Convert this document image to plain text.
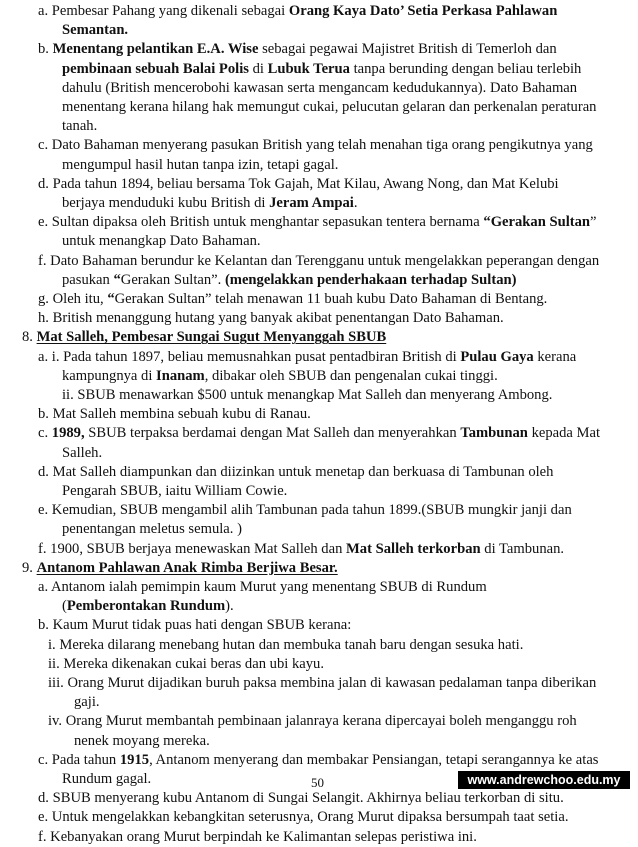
a. Pembesar Pahang yang dikenali sebagai Orang Kaya Dato’ Setia Perkasa Pahlawan
Semantan.
b. Menentang pelantikan E.A. Wise sebagai pegawai Majistret British di Temerloh dan
pembinaan sebuah Balai Polis di Lubuk Terua tanpa berunding dengan beliau terlebih
dahulu (British mencerobohi kawasan serta mengancam kedudukannya). Dato Bahaman
menentang kerana hilang hak memungut cukai, pelucutan gelaran dan perkenalan peraturan
tanah.
c. Dato Bahaman menyerang pasukan British yang telah menahan tiga orang pengikutnya yang
mengumpul hasil hutan tanpa izin, tetapi gagal.
d. Pada tahun 1894, beliau bersama Tok Gajah, Mat Kilau, Awang Nong, dan Mat Kelubi
berjaya menduduki kubu British di Jeram Ampai.
e. Sultan dipaksa oleh British untuk menghantar sepasukan tentera bernama “Gerakan Sultan”
untuk menangkap Dato Bahaman.
f. Dato Bahaman berundur ke Kelantan dan Terengganu untuk mengelakkan peperangan dengan
pasukan “Gerakan Sultan”. (mengelakkan penderhakaan terhadap Sultan)
g. Oleh itu, “Gerakan Sultan” telah menawan 11 buah kubu Dato Bahaman di Bentang.
h. British menanggung hutang yang banyak akibat penentangan Dato Bahaman.
8. Mat Salleh, Pembesar Sungai Sugut Menyanggah SBUB
a. i. Pada tahun 1897, beliau memusnahkan pusat pentadbiran British di Pulau Gaya kerana
kampungnya di Inanam, dibakar oleh SBUB dan pengenalan cukai tinggi.
ii. SBUB menawarkan $500 untuk menangkap Mat Salleh dan menyerang Ambong.
b. Mat Salleh membina sebuah kubu di Ranau.
c. 1989, SBUB terpaksa berdamai dengan Mat Salleh dan menyerahkan Tambunan kepada Mat
Salleh.
d. Mat Salleh diampunkan dan diizinkan untuk menetap dan berkuasa di Tambunan oleh
Pengarah SBUB, iaitu William Cowie.
e. Kemudian, SBUB mengambil alih Tambunan pada tahun 1899.(SBUB mungkir janji dan
penentangan meletus semula. )
f. 1900, SBUB berjaya menewaskan Mat Salleh dan Mat Salleh terkorban di Tambunan.
9. Antanom Pahlawan Anak Rimba Berjiwa Besar.
a. Antanom ialah pemimpin kaum Murut yang menentang SBUB di Rundum
(Pemberontakan Rundum).
b. Kaum Murut tidak puas hati dengan SBUB kerana:
i. Mereka dilarang menebang hutan dan membuka tanah baru dengan sesuka hati.
ii. Mereka dikenakan cukai beras dan ubi kayu.
iii. Orang Murut dijadikan buruh paksa membina jalan di kawasan pedalaman tanpa diberikan
gaji.
iv. Orang Murut membantah pembinaan jalanraya kerana dipercayai boleh menganggu roh
nenek moyang mereka.
c. Pada tahun 1915, Antanom menyerang dan membakar Pensiangan, tetapi serangannya ke atas
Rundum gagal.
d. SBUB menyerang kubu Antanom di Sungai Selangit. Akhirnya beliau terkorban di situ.
e. Untuk mengelakkan kebangkitan seterusnya, Orang Murut dipaksa bersumpah taat setia.
f. Kebanyakan orang Murut berpindah ke Kalimantan selepas peristiwa ini.
50	www.andrewchoo.edu.my
